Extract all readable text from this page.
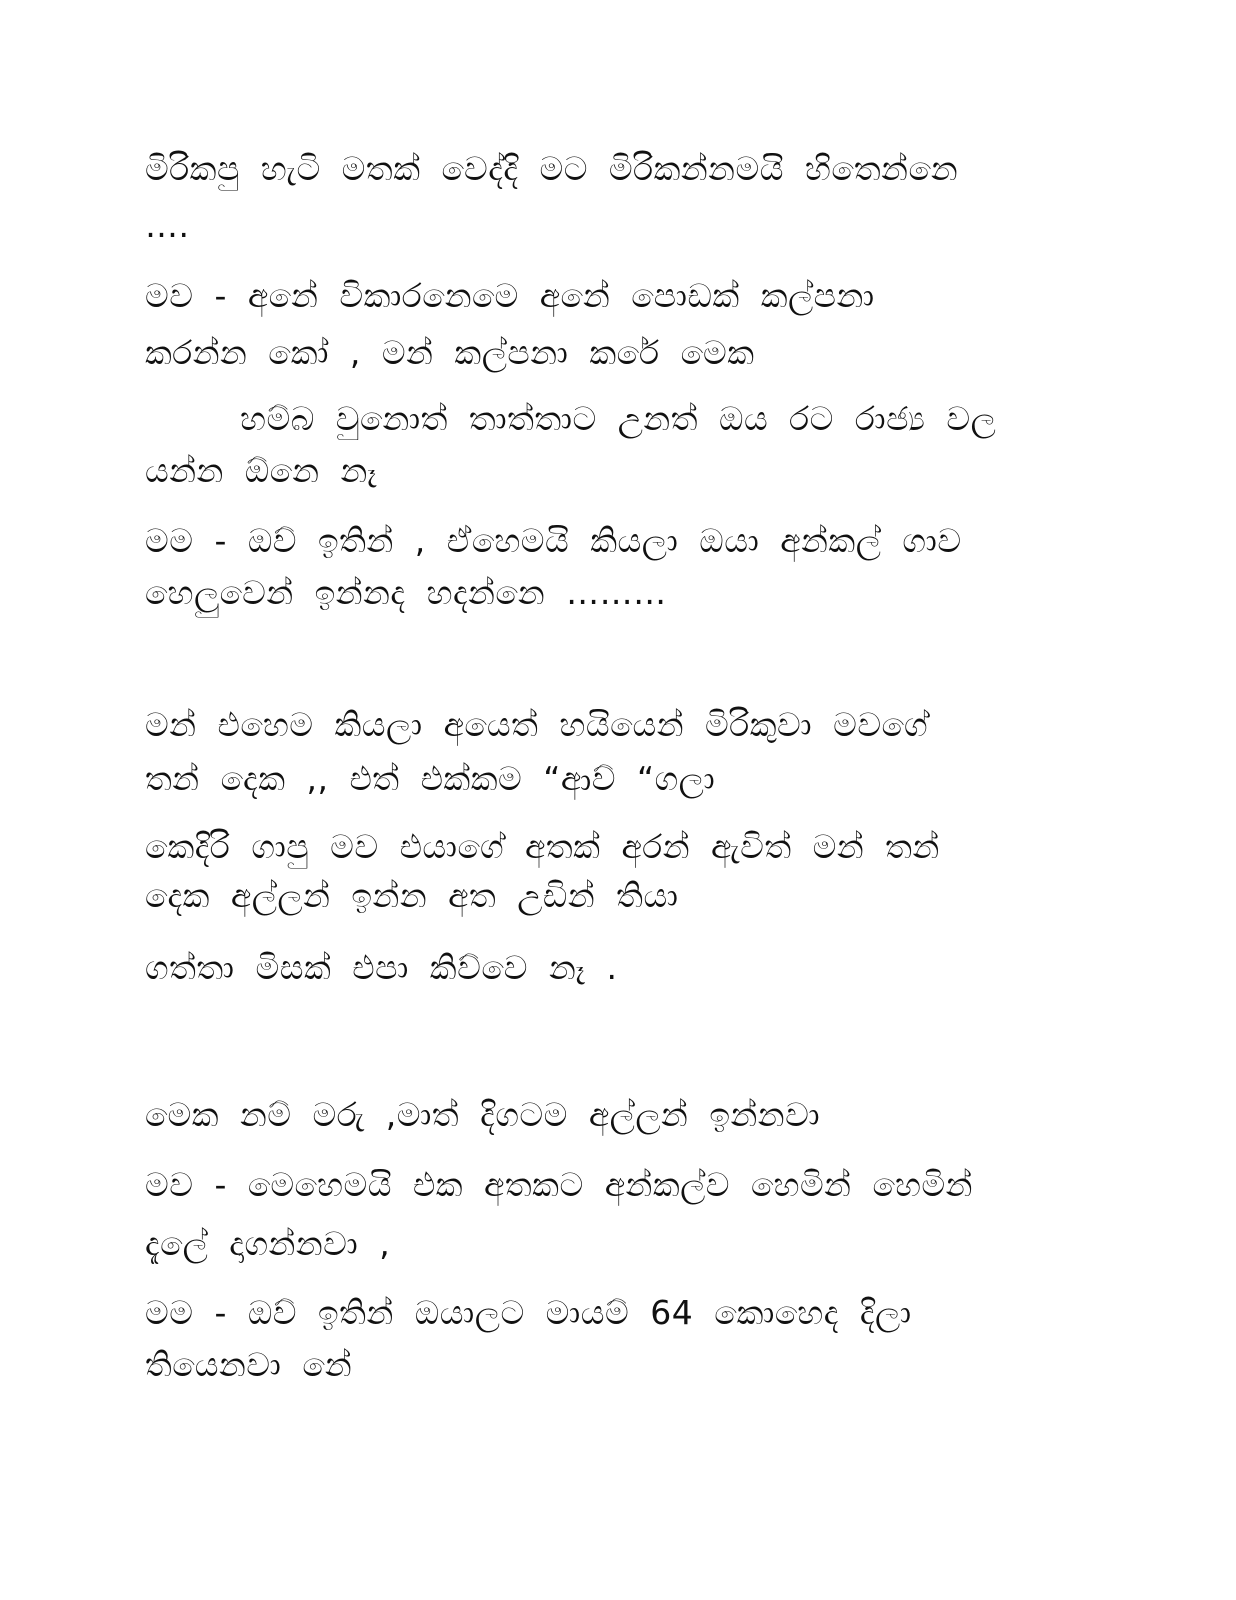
මිරිකපු හැටි මතක් වෙද්දි මට මිරිකන්නමයි හිතෙන්නෙ
….
මව - අනේ විකාරනෙමෙ අනේ පොඩක් කල්පනා
කරන්න කෝ , මන් කල්පනා කරේ මෙක
හම්බ වුනොත් තාත්තාට උනත් ඔය රට රාජ්‍ය වල
යන්න ඕනෙ නෑ
මම - ඔව් ඉතින් , ඒහෙමයි කියලා ඔයා අන්කල් ගාව
හෙලුවෙන් ඉන්නද හදන්නෙ ………
මන් එහෙම කියලා අයෙත් හයියෙන් මිරිකුවා මවගේ
තන් දෙක ,, එත් එක්කම “ආව් “ගලා
කෙදිරි ගාපු මව එයාගේ අතක් අරන් ඇවිත් මන් තන්
දෙක අල්ලන් ඉන්න අත උඩින් තියා
ගත්තා මිසක් එපා කිව්වෙ නෑ .
මෙක නම් මරු ,මාත් දිගටම අල්ලන් ඉන්නවා
මව - මෙහෙමයි එක අතකට අන්කල්ව හෙමින් හෙමින්
දැලේ දාගන්නවා ,
මම - ඔව් ඉතින් ඔයාලට මායම් 64 කොහෙද දිලා
තියෙනවා නේ
